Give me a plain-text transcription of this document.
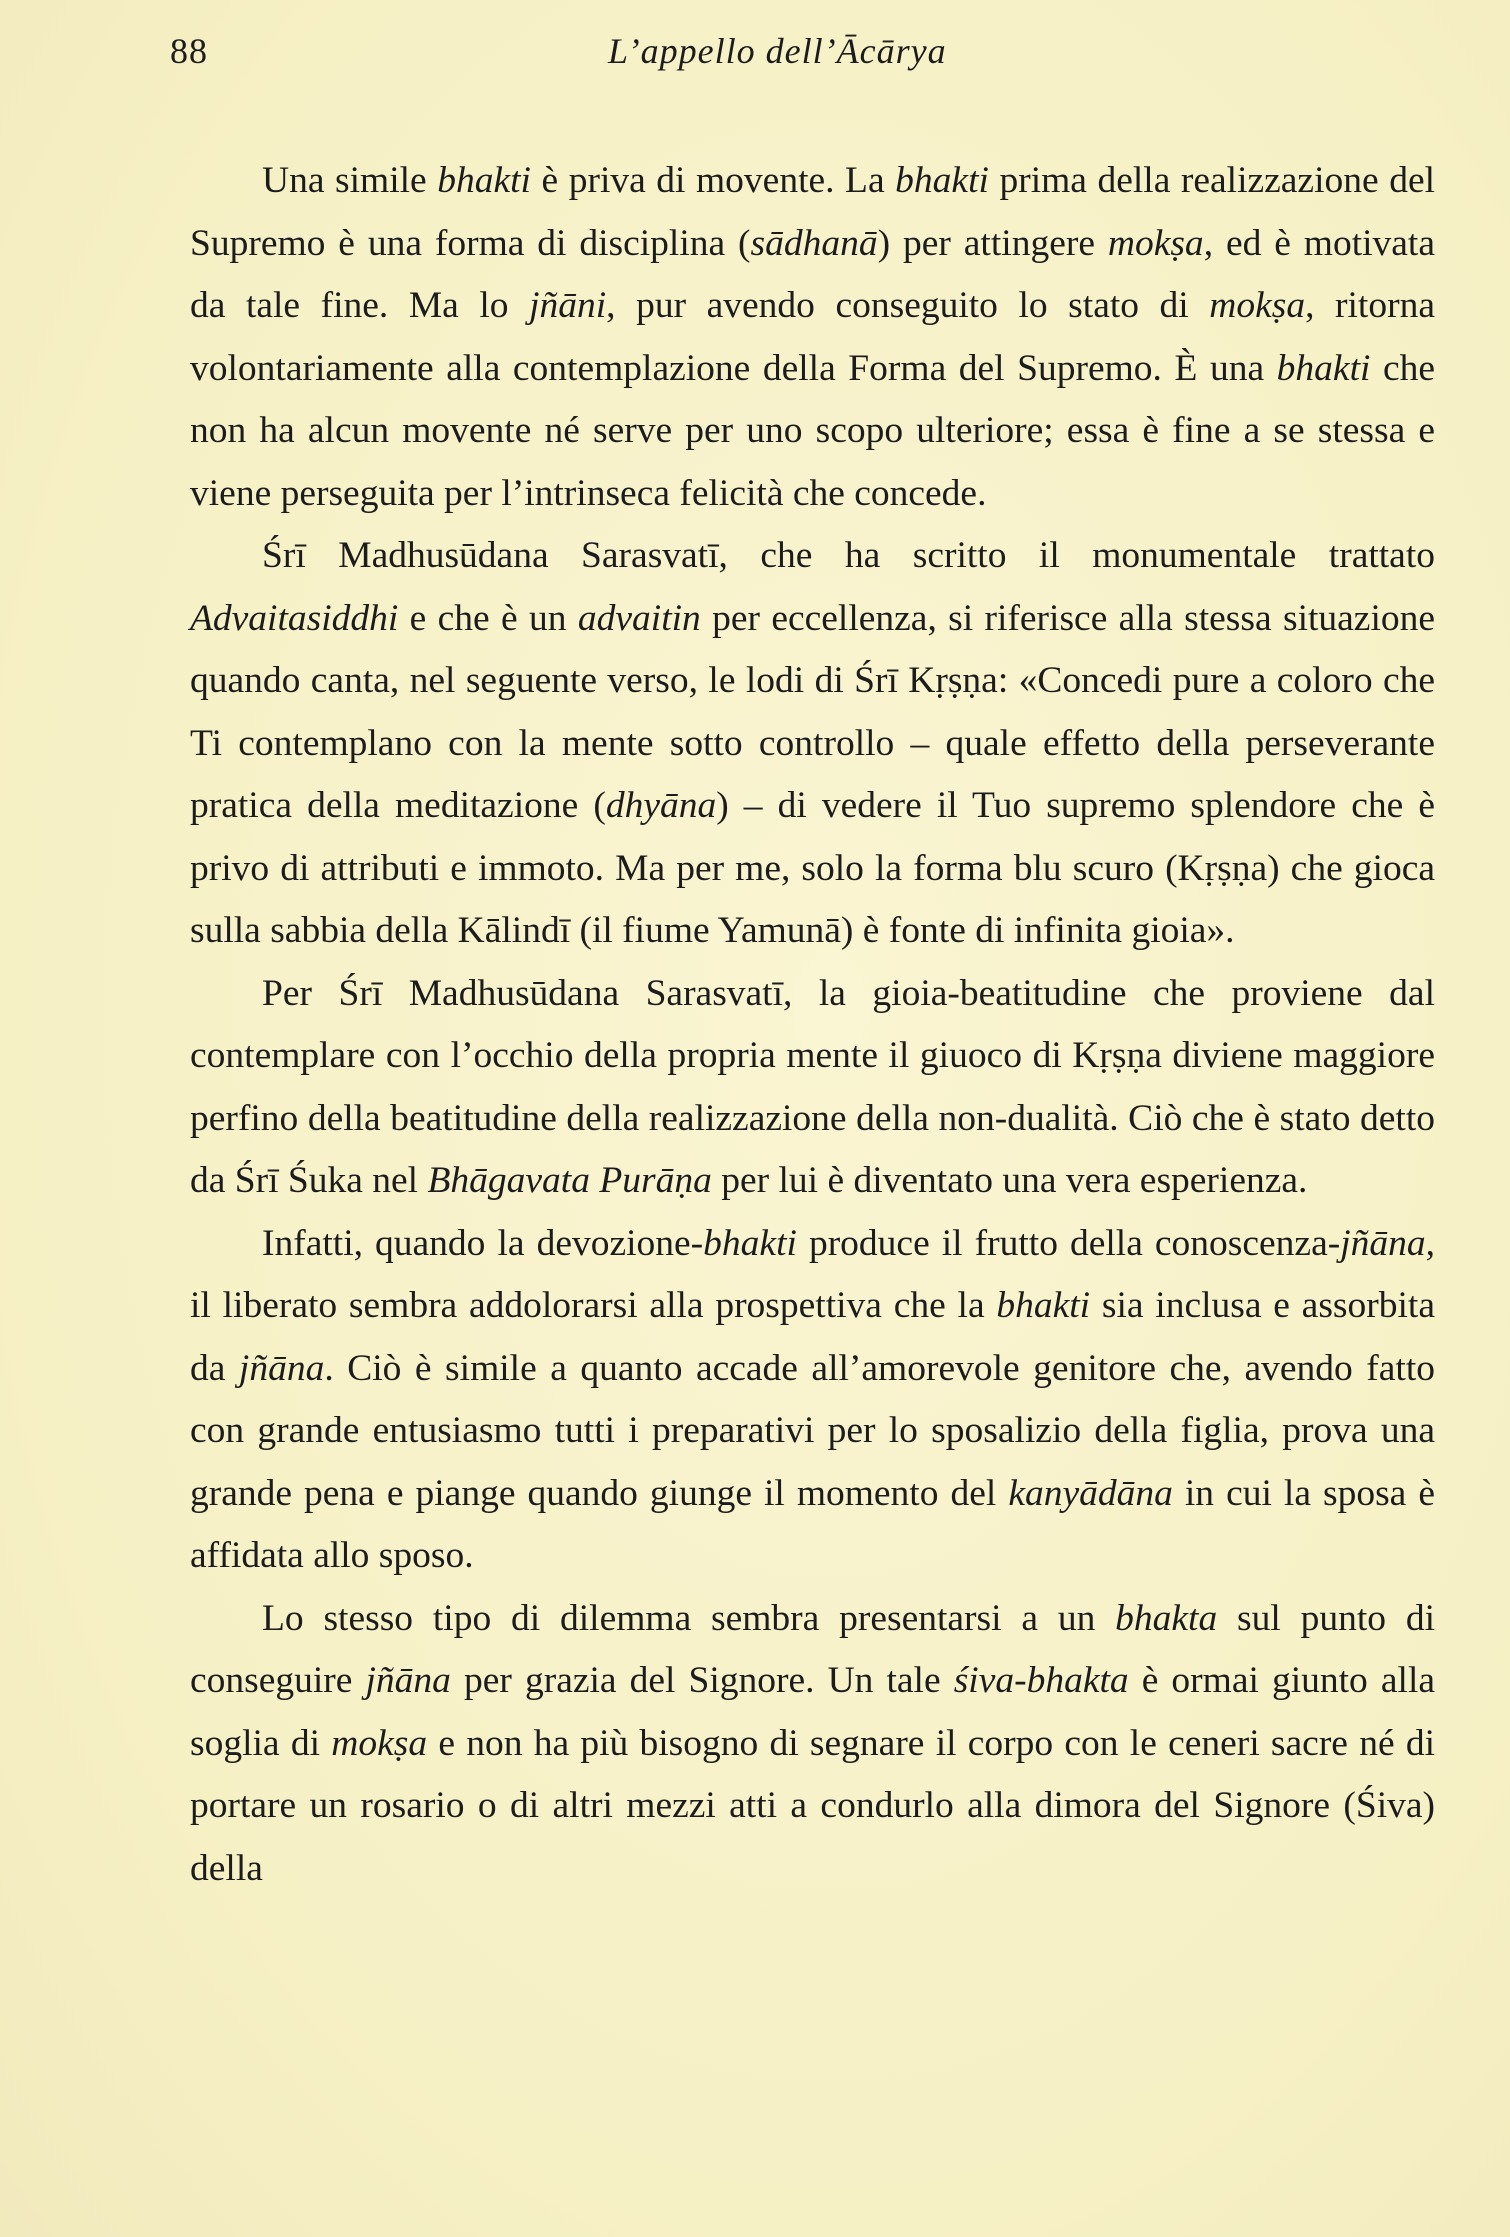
88	L’appello dell’Ācārya

Una simile bhakti è priva di movente. La bhakti prima della realizzazione del Supremo è una forma di disciplina (sādhanā) per attingere mokṣa, ed è motivata da tale fine. Ma lo jñāni, pur avendo conseguito lo stato di mokṣa, ritorna volontariamente alla contemplazione della Forma del Supremo. È una bhakti che non ha alcun movente né serve per uno scopo ulteriore; essa è fine a se stessa e viene perseguita per l’intrinseca felicità che concede.

Śrī Madhusūdana Sarasvatī, che ha scritto il monumentale trattato Advaitasiddhi e che è un advaitin per eccellenza, si riferisce alla stessa situazione quando canta, nel seguente verso, le lodi di Śrī Kṛṣṇa: «Concedi pure a coloro che Ti contemplano con la mente sotto controllo – quale effetto della perseverante pratica della meditazione (dhyāna) – di vedere il Tuo supremo splendore che è privo di attributi e immoto. Ma per me, solo la forma blu scuro (Kṛṣṇa) che gioca sulla sabbia della Kālindī (il fiume Yamunā) è fonte di infinita gioia».

Per Śrī Madhusūdana Sarasvatī, la gioia-beatitudine che proviene dal contemplare con l’occhio della propria mente il giuoco di Kṛṣṇa diviene maggiore perfino della beatitudine della realizzazione della non-dualità. Ciò che è stato detto da Śrī Śuka nel Bhāgavata Purāṇa per lui è diventato una vera esperienza.

Infatti, quando la devozione-bhakti produce il frutto della conoscenza-jñāna, il liberato sembra addolorarsi alla prospettiva che la bhakti sia inclusa e assorbita da jñāna. Ciò è simile a quanto accade all’amorevole genitore che, avendo fatto con grande entusiasmo tutti i preparativi per lo sposalizio della figlia, prova una grande pena e piange quando giunge il momento del kanyādāna in cui la sposa è affidata allo sposo.

Lo stesso tipo di dilemma sembra presentarsi a un bhakta sul punto di conseguire jñāna per grazia del Signore. Un tale śiva-bhakta è ormai giunto alla soglia di mokṣa e non ha più bisogno di segnare il corpo con le ceneri sacre né di portare un rosario o di altri mezzi atti a condurlo alla dimora del Signore (Śiva) della
